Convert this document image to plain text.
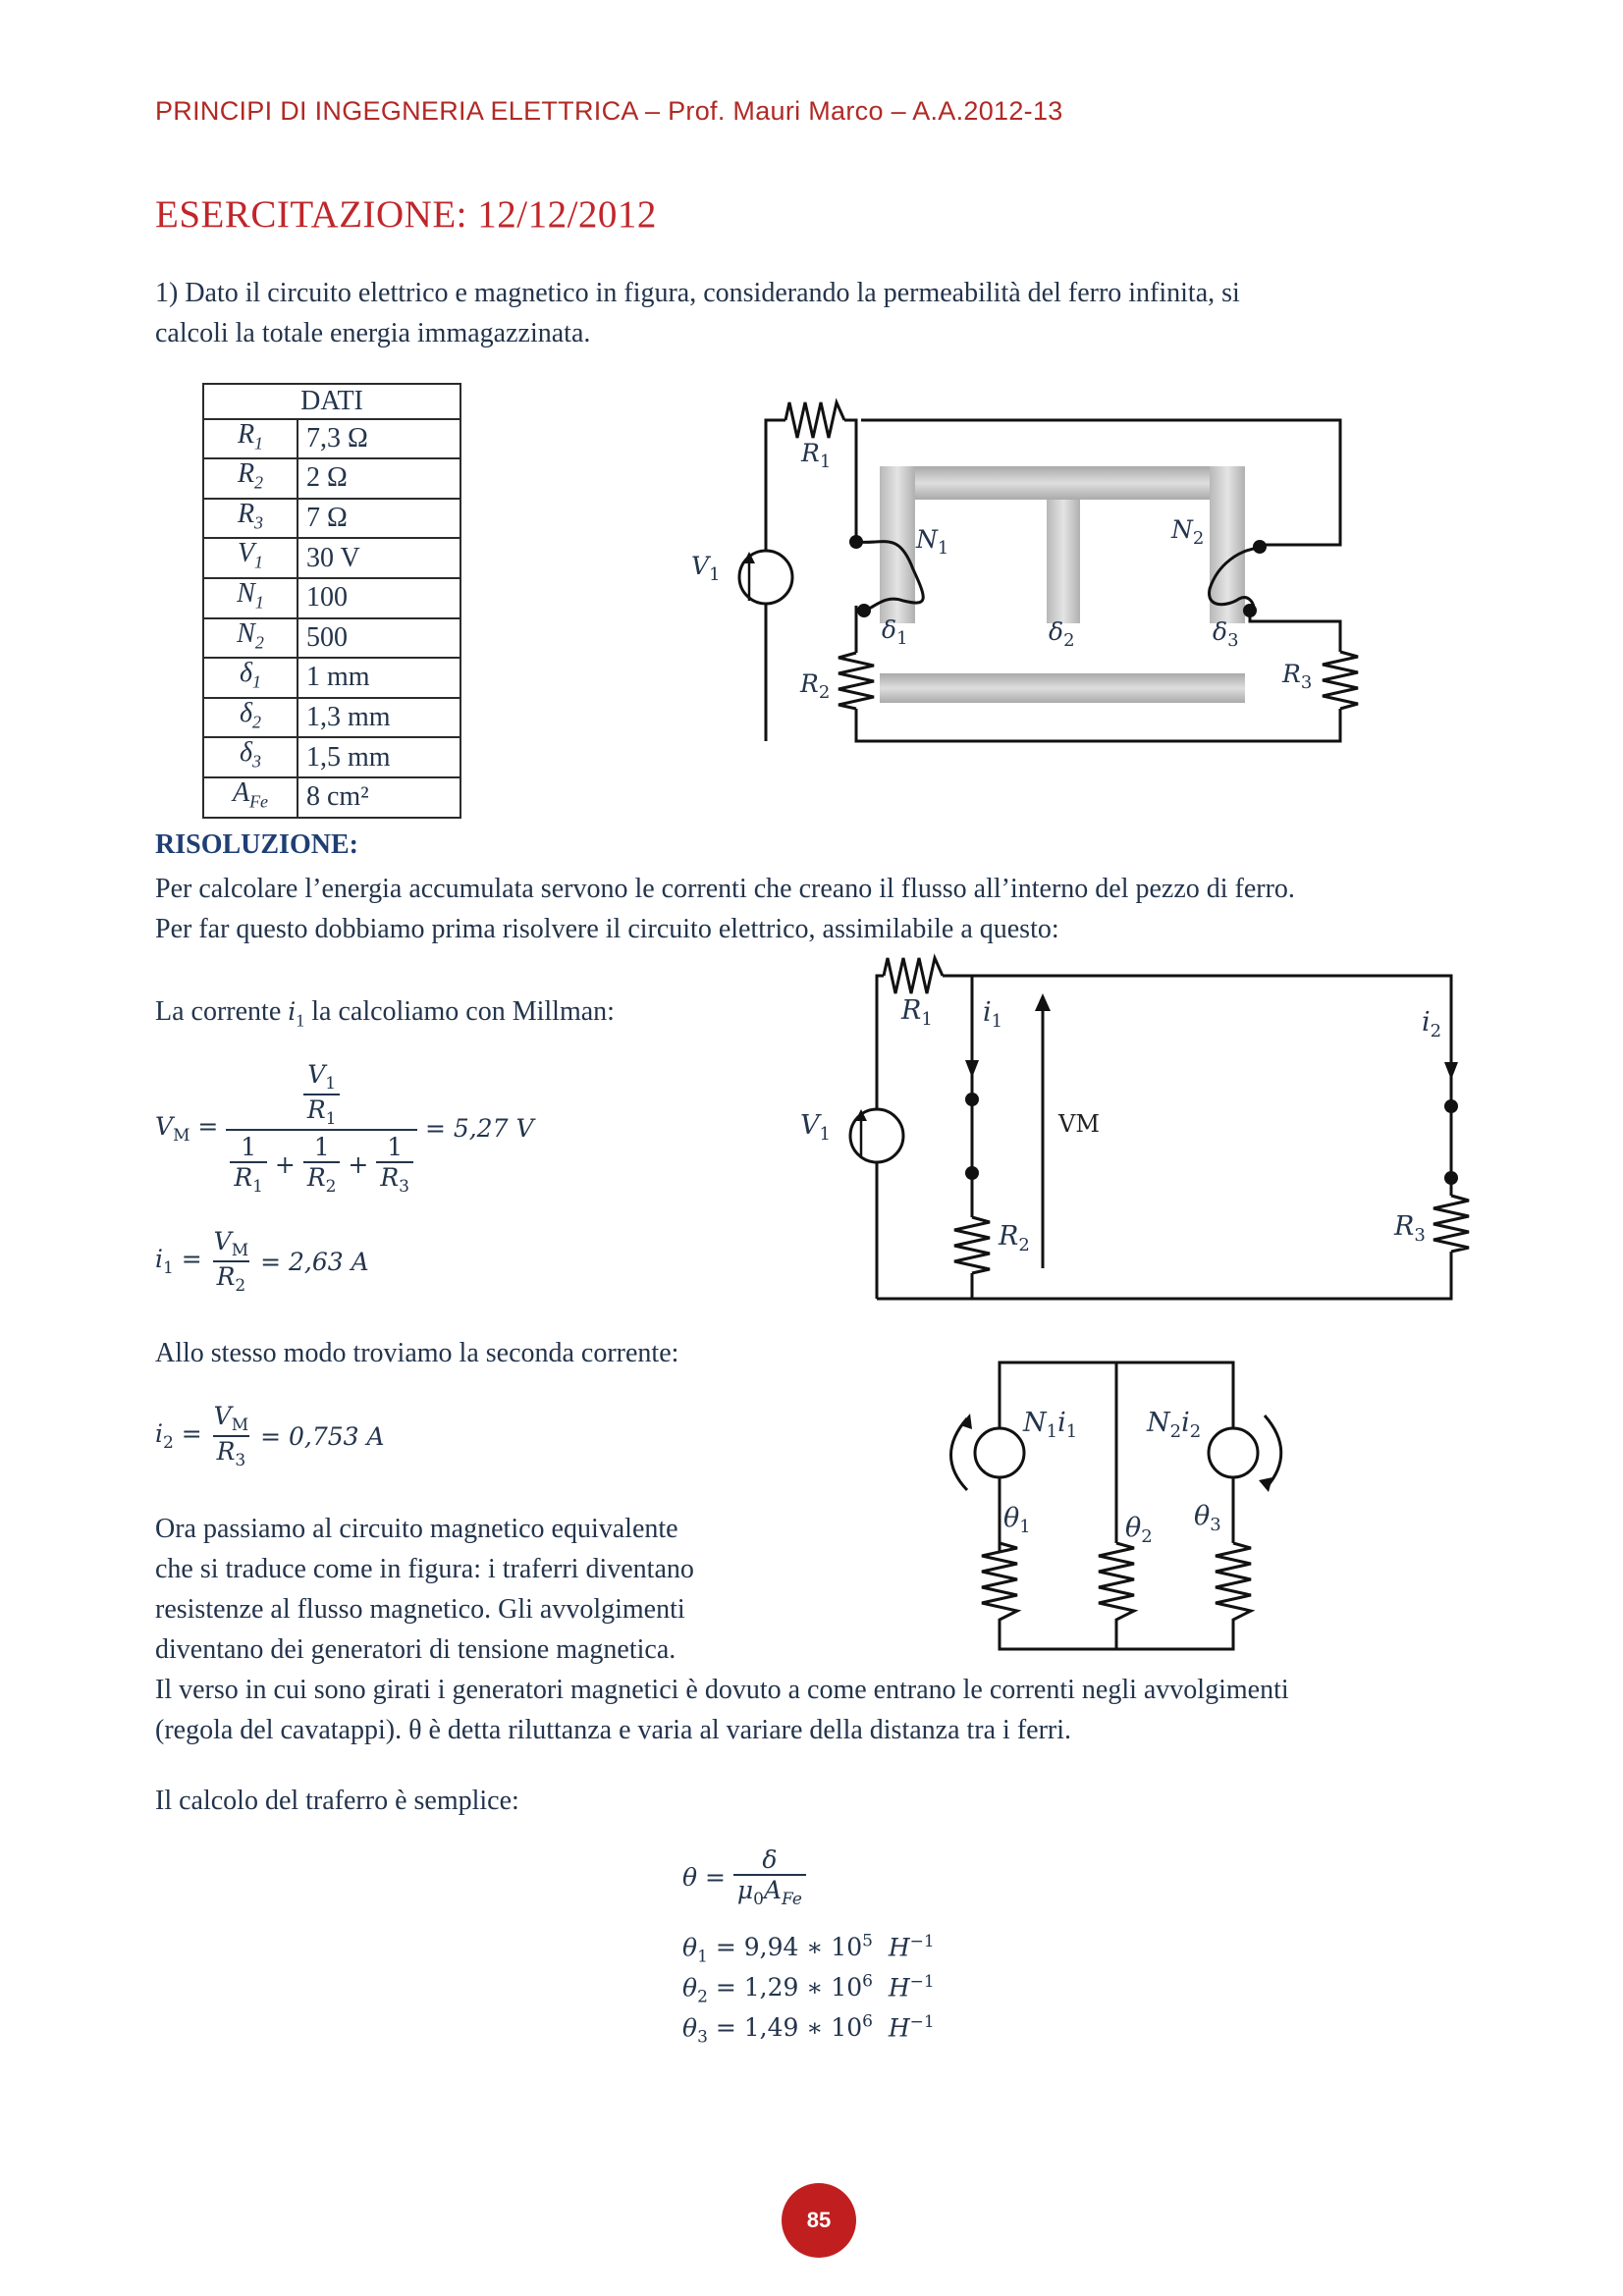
PRINCIPI DI INGEGNERIA ELETTRICA – Prof. Mauri Marco – A.A.2012-13
ESERCITAZIONE: 12/12/2012
1) Dato il circuito elettrico e magnetico in figura, considerando la permeabilità del ferro infinita, si
calcoli la totale energia immagazzinata.
DATI	
$R_1$	7,3 Ω
$R_2$	2 Ω
$R_3$	7 Ω
$V_1$	30 V
$N_1$	100
$N_2$	500
$\delta_1$	1 mm
$\delta_2$	1,3 mm
$\delta_3$	1,5 mm
$A_{Fe}$	8 cm²
$R_1$
$V_1$
$N_1$
$N_2$
$\delta_1$	$\delta_2$	$\delta_3$
$R_2$
$R_3$
RISOLUZIONE:
Per calcolare l’energia accumulata servono le correnti che creano il flusso all’interno del pezzo di ferro.
Per far questo dobbiamo prima risolvere il circuito elettrico, assimilabile a questo:
La corrente $i_1$ la calcoliamo con Millman:
$V_M = \frac{\frac{V_1}{R_1}}{\frac{1}{R_1} + \frac{1}{R_2} + \frac{1}{R_3}}$
= 5,27 V
$i_1 = \frac{V_M}{R_2}$
= 2,63 A
Allo stesso modo troviamo la seconda corrente:
$i_2 = \frac{V_M}{R_3}$
= 0,753 A
$R_1$ $i_1$	$i_2$
$V_1$
$R_2$
$R_3$
VM
Ora passiamo al circuito magnetico equivalente
che si traduce come in figura: i traferri diventano
resistenze al flusso magnetico. Gli avvolgimenti
diventano dei generatori di tensione magnetica.
Il verso in cui sono girati i generatori magnetici è dovuto a come entrano le correnti negli avvolgimenti
(regola del cavatappi). θ è detta riluttanza e varia al variare della distanza tra i ferri.
Il calcolo del traferro è semplice:
$N_1i_1$	$N_2i_2$
$\theta_1$	$\theta_2$
$\theta_3$
$\theta = \frac{\delta}{\mu_0A_{Fe}}$
$\theta_1 = 9,94$ ∗ $10^5$ $H^{-1}$
$\theta_2 = 1,29$ ∗ $10^6$ $H^{-1}$
$\theta_3 = 1,49$ ∗ $10^6$ $H^{-1}$
85
